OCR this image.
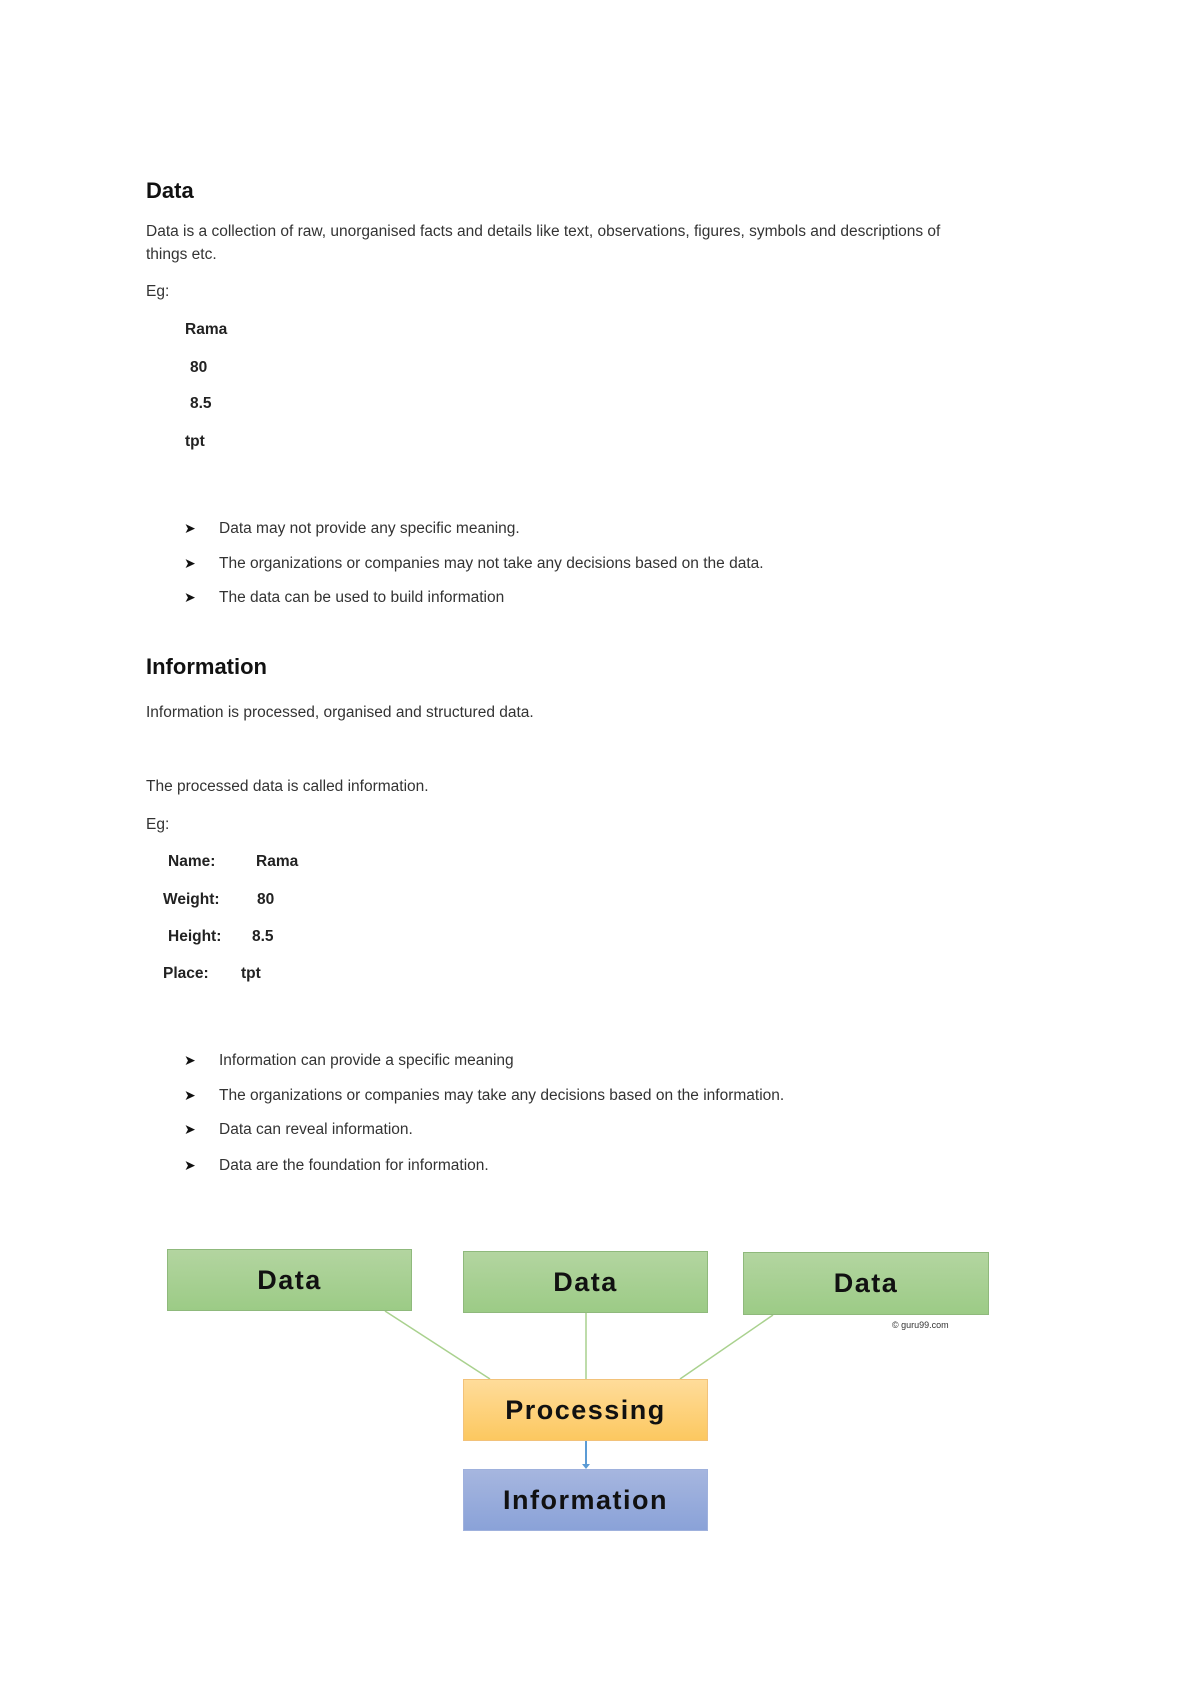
Data
Data is a collection of raw, unorganised facts and details like text, observations, figures, symbols and descriptions of
things etc.
Eg:
Rama
80
8.5
tpt
➤ Data may not provide any specific meaning.
➤ The organizations or companies may not take any decisions based on the data.
➤ The data can be used to build information
Information
Information is processed, organised and structured data.
The processed data is called information.
Eg:
Name:	Rama
Weight: 80
Height: 8.5
Place: tpt
➤ Information can provide a specific meaning
➤ The organizations or companies may take any decisions based on the information.
➤ Data can reveal information.
➤ Data are the foundation for information.
Data	Data	Data
© guru99.com
Processing
Information
